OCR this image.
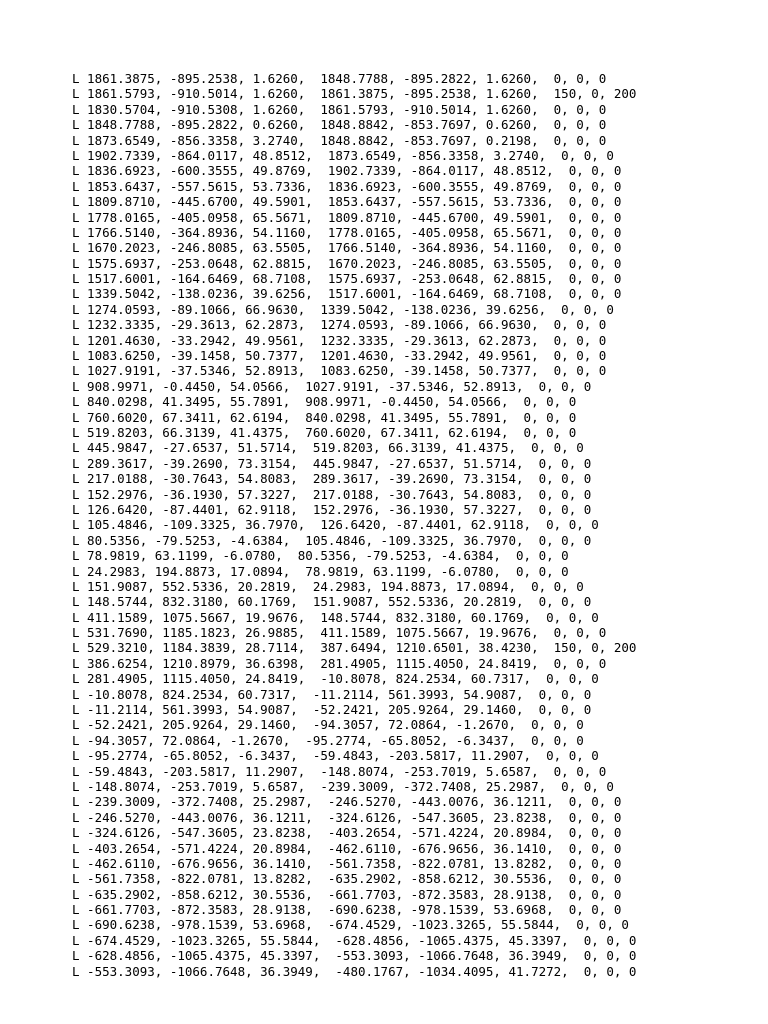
L 1861.3875, -895.2538, 1.6260,  1848.7788, -895.2822, 1.6260,  0, 0, 0
L 1861.5793, -910.5014, 1.6260,  1861.3875, -895.2538, 1.6260,  150, 0, 200
L 1830.5704, -910.5308, 1.6260,  1861.5793, -910.5014, 1.6260,  0, 0, 0
L 1848.7788, -895.2822, 0.6260,  1848.8842, -853.7697, 0.6260,  0, 0, 0
L 1873.6549, -856.3358, 3.2740,  1848.8842, -853.7697, 0.2198,  0, 0, 0
L 1902.7339, -864.0117, 48.8512,  1873.6549, -856.3358, 3.2740,  0, 0, 0
L 1836.6923, -600.3555, 49.8769,  1902.7339, -864.0117, 48.8512,  0, 0, 0
L 1853.6437, -557.5615, 53.7336,  1836.6923, -600.3555, 49.8769,  0, 0, 0
L 1809.8710, -445.6700, 49.5901,  1853.6437, -557.5615, 53.7336,  0, 0, 0
L 1778.0165, -405.0958, 65.5671,  1809.8710, -445.6700, 49.5901,  0, 0, 0
L 1766.5140, -364.8936, 54.1160,  1778.0165, -405.0958, 65.5671,  0, 0, 0
L 1670.2023, -246.8085, 63.5505,  1766.5140, -364.8936, 54.1160,  0, 0, 0
L 1575.6937, -253.0648, 62.8815,  1670.2023, -246.8085, 63.5505,  0, 0, 0
L 1517.6001, -164.6469, 68.7108,  1575.6937, -253.0648, 62.8815,  0, 0, 0
L 1339.5042, -138.0236, 39.6256,  1517.6001, -164.6469, 68.7108,  0, 0, 0
L 1274.0593, -89.1066, 66.9630,  1339.5042, -138.0236, 39.6256,  0, 0, 0
L 1232.3335, -29.3613, 62.2873,  1274.0593, -89.1066, 66.9630,  0, 0, 0
L 1201.4630, -33.2942, 49.9561,  1232.3335, -29.3613, 62.2873,  0, 0, 0
L 1083.6250, -39.1458, 50.7377,  1201.4630, -33.2942, 49.9561,  0, 0, 0
L 1027.9191, -37.5346, 52.8913,  1083.6250, -39.1458, 50.7377,  0, 0, 0
L 908.9971, -0.4450, 54.0566,  1027.9191, -37.5346, 52.8913,  0, 0, 0
L 840.0298, 41.3495, 55.7891,  908.9971, -0.4450, 54.0566,  0, 0, 0
L 760.6020, 67.3411, 62.6194,  840.0298, 41.3495, 55.7891,  0, 0, 0
L 519.8203, 66.3139, 41.4375,  760.6020, 67.3411, 62.6194,  0, 0, 0
L 445.9847, -27.6537, 51.5714,  519.8203, 66.3139, 41.4375,  0, 0, 0
L 289.3617, -39.2690, 73.3154,  445.9847, -27.6537, 51.5714,  0, 0, 0
L 217.0188, -30.7643, 54.8083,  289.3617, -39.2690, 73.3154,  0, 0, 0
L 152.2976, -36.1930, 57.3227,  217.0188, -30.7643, 54.8083,  0, 0, 0
L 126.6420, -87.4401, 62.9118,  152.2976, -36.1930, 57.3227,  0, 0, 0
L 105.4846, -109.3325, 36.7970,  126.6420, -87.4401, 62.9118,  0, 0, 0
L 80.5356, -79.5253, -4.6384,  105.4846, -109.3325, 36.7970,  0, 0, 0
L 78.9819, 63.1199, -6.0780,  80.5356, -79.5253, -4.6384,  0, 0, 0
L 24.2983, 194.8873, 17.0894,  78.9819, 63.1199, -6.0780,  0, 0, 0
L 151.9087, 552.5336, 20.2819,  24.2983, 194.8873, 17.0894,  0, 0, 0
L 148.5744, 832.3180, 60.1769,  151.9087, 552.5336, 20.2819,  0, 0, 0
L 411.1589, 1075.5667, 19.9676,  148.5744, 832.3180, 60.1769,  0, 0, 0
L 531.7690, 1185.1823, 26.9885,  411.1589, 1075.5667, 19.9676,  0, 0, 0
L 529.3210, 1184.3839, 28.7114,  387.6494, 1210.6501, 38.4230,  150, 0, 200
L 386.6254, 1210.8979, 36.6398,  281.4905, 1115.4050, 24.8419,  0, 0, 0
L 281.4905, 1115.4050, 24.8419,  -10.8078, 824.2534, 60.7317,  0, 0, 0
L -10.8078, 824.2534, 60.7317,  -11.2114, 561.3993, 54.9087,  0, 0, 0
L -11.2114, 561.3993, 54.9087,  -52.2421, 205.9264, 29.1460,  0, 0, 0
L -52.2421, 205.9264, 29.1460,  -94.3057, 72.0864, -1.2670,  0, 0, 0
L -94.3057, 72.0864, -1.2670,  -95.2774, -65.8052, -6.3437,  0, 0, 0
L -95.2774, -65.8052, -6.3437,  -59.4843, -203.5817, 11.2907,  0, 0, 0
L -59.4843, -203.5817, 11.2907,  -148.8074, -253.7019, 5.6587,  0, 0, 0
L -148.8074, -253.7019, 5.6587,  -239.3009, -372.7408, 25.2987,  0, 0, 0
L -239.3009, -372.7408, 25.2987,  -246.5270, -443.0076, 36.1211,  0, 0, 0
L -246.5270, -443.0076, 36.1211,  -324.6126, -547.3605, 23.8238,  0, 0, 0
L -324.6126, -547.3605, 23.8238,  -403.2654, -571.4224, 20.8984,  0, 0, 0
L -403.2654, -571.4224, 20.8984,  -462.6110, -676.9656, 36.1410,  0, 0, 0
L -462.6110, -676.9656, 36.1410,  -561.7358, -822.0781, 13.8282,  0, 0, 0
L -561.7358, -822.0781, 13.8282,  -635.2902, -858.6212, 30.5536,  0, 0, 0
L -635.2902, -858.6212, 30.5536,  -661.7703, -872.3583, 28.9138,  0, 0, 0
L -661.7703, -872.3583, 28.9138,  -690.6238, -978.1539, 53.6968,  0, 0, 0
L -690.6238, -978.1539, 53.6968,  -674.4529, -1023.3265, 55.5844,  0, 0, 0
L -674.4529, -1023.3265, 55.5844,  -628.4856, -1065.4375, 45.3397,  0, 0, 0
L -628.4856, -1065.4375, 45.3397,  -553.3093, -1066.7648, 36.3949,  0, 0, 0
L -553.3093, -1066.7648, 36.3949,  -480.1767, -1034.4095, 41.7272,  0, 0, 0
